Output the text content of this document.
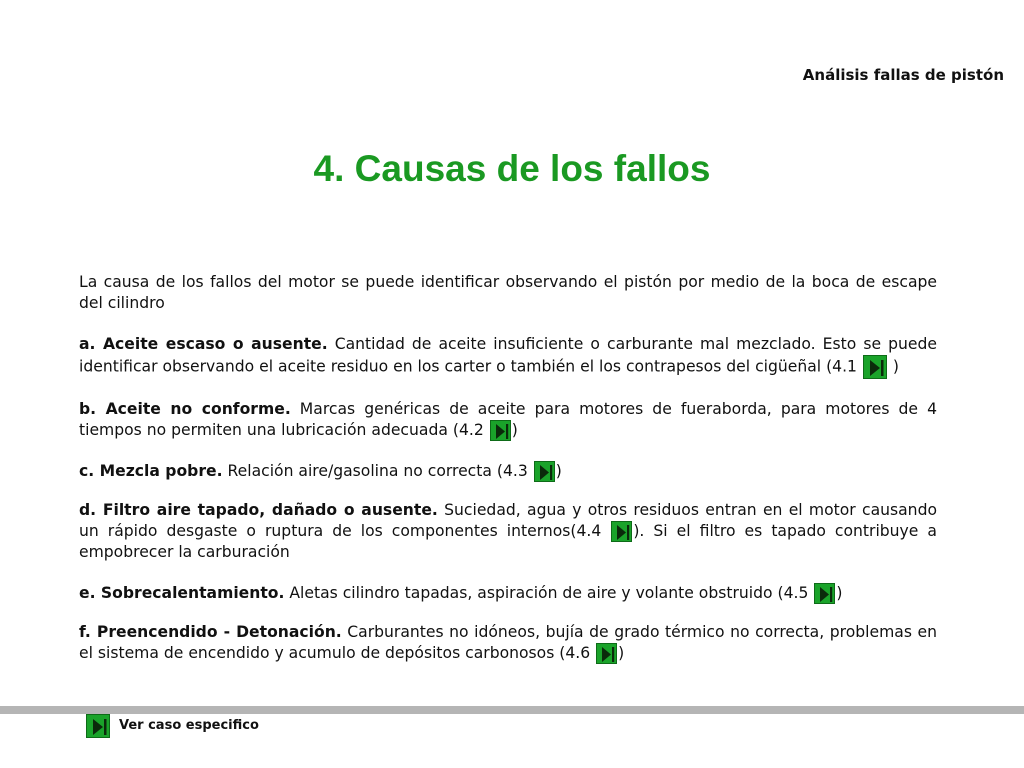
Análisis fallas de pistón
4. Causas de los fallos

La causa de los fallos del motor se puede identificar observando el pistón por medio de la boca de escape del cilindro

a. Aceite escaso o ausente. Cantidad de aceite insuficiente o carburante mal mezclado. Esto se puede identificar observando el aceite residuo en los carter o también el los contrapesos del cigüeñal (4.1
)

b. Aceite no conforme. Marcas genéricas de aceite para motores de fueraborda, para motores de 4 tiempos no permiten una lubricación adecuada (4.2 )

c. Mezcla pobre. Relación aire/gasolina no correcta (4.3 )

d. Filtro aire tapado, dañado o ausente. Suciedad, agua y otros residuos entran en el motor causando un rápido desgaste o ruptura de los componentes internos(4.4 ). Si el filtro es tapado contribuye a empobrecer la carburación

e. Sobrecalentamiento. Aletas cilindro tapadas, aspiración de aire y volante obstruido (4.5 )

f. Preencendido - Detonación. Carburantes no idóneos, bujía de grado térmico no correcta, problemas en el sistema de encendido y acumulo de depósitos carbonosos (4.6 )

Ver caso especifico
